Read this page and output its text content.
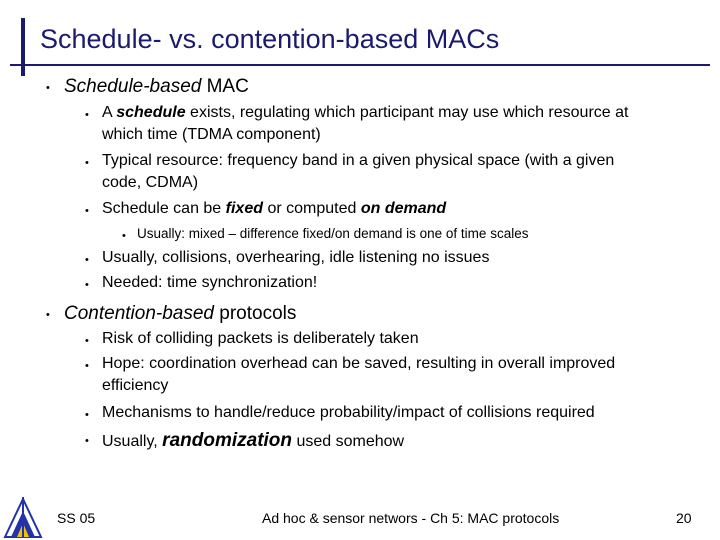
Schedule- vs. contention-based MACs
• Schedule-based MAC
• A schedule exists, regulating which participant may use which resource at
which time (TDMA component)
• Typical resource: frequency band in a given physical space (with a given
code, CDMA)
• Schedule can be fixed or computed on demand
• Usually: mixed – difference fixed/on demand is one of time scales
• Usually, collisions, overhearing, idle listening no issues
• Needed: time synchronization!
• Contention-based protocols
• Risk of colliding packets is deliberately taken
• Hope: coordination overhead can be saved, resulting in overall improved
efficiency
• Mechanisms to handle/reduce probability/impact of collisions required
• Usually, randomization used somehow
SS 05	Ad hoc & sensor networs - Ch 5: MAC protocols	20
